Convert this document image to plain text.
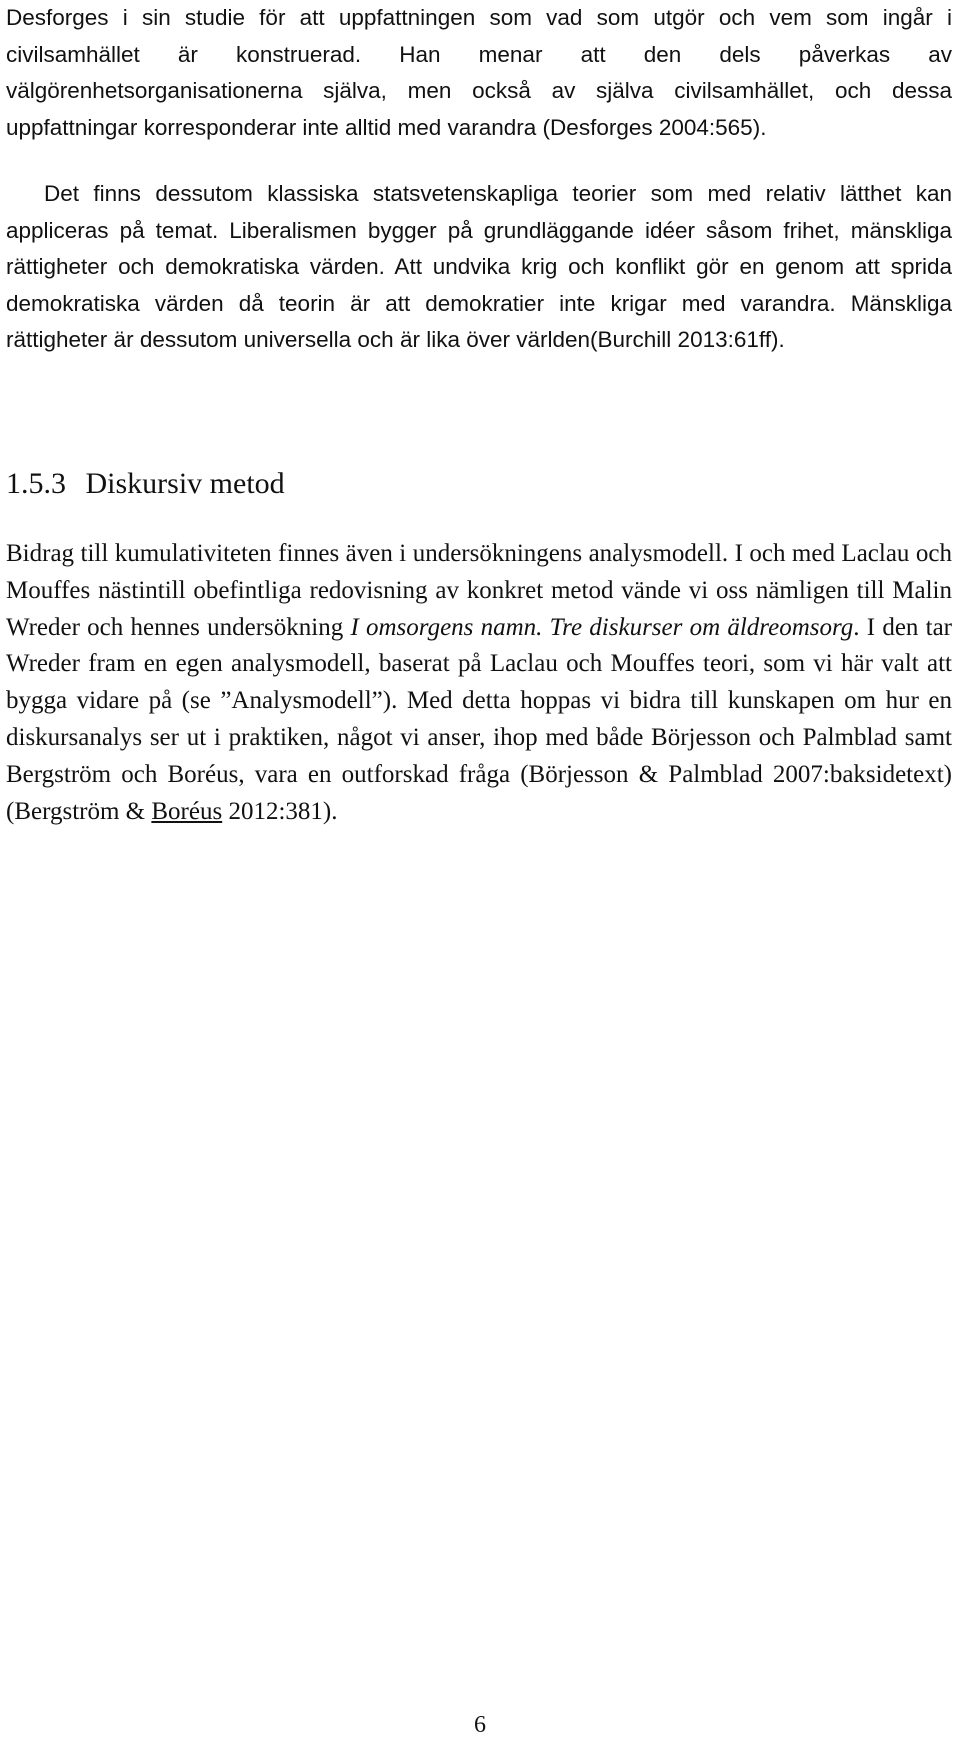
Desforges i sin studie för att uppfattningen som vad som utgör och vem som ingår i civilsamhället är konstruerad. Han menar att den dels påverkas av välgörenhetsorganisationerna själva, men också av själva civilsamhället, och dessa uppfattningar korresponderar inte alltid med varandra (Desforges 2004:565).

Det finns dessutom klassiska statsvetenskapliga teorier som med relativ lätthet kan appliceras på temat. Liberalismen bygger på grundläggande idéer såsom frihet, mänskliga rättigheter och demokratiska värden. Att undvika krig och konflikt gör en genom att sprida demokratiska värden då teorin är att demokratier inte krigar med varandra. Mänskliga rättigheter är dessutom universella och är lika över världen(Burchill 2013:61ff).

1.5.3 Diskursiv metod

Bidrag till kumulativiteten finnes även i undersökningens analysmodell. I och med Laclau och Mouffes nästintill obefintliga redovisning av konkret metod vände vi oss nämligen till Malin Wreder och hennes undersökning I omsorgens namn. Tre diskurser om äldreomsorg. I den tar Wreder fram en egen analysmodell, baserat på Laclau och Mouffes teori, som vi här valt att bygga vidare på (se ”Analysmodell”). Med detta hoppas vi bidra till kunskapen om hur en diskursanalys ser ut i praktiken, något vi anser, ihop med både Börjesson och Palmblad samt Bergström och Boréus, vara en outforskad fråga (Börjesson & Palmblad 2007:baksidetext) (Bergström & Boréus 2012:381).

6
